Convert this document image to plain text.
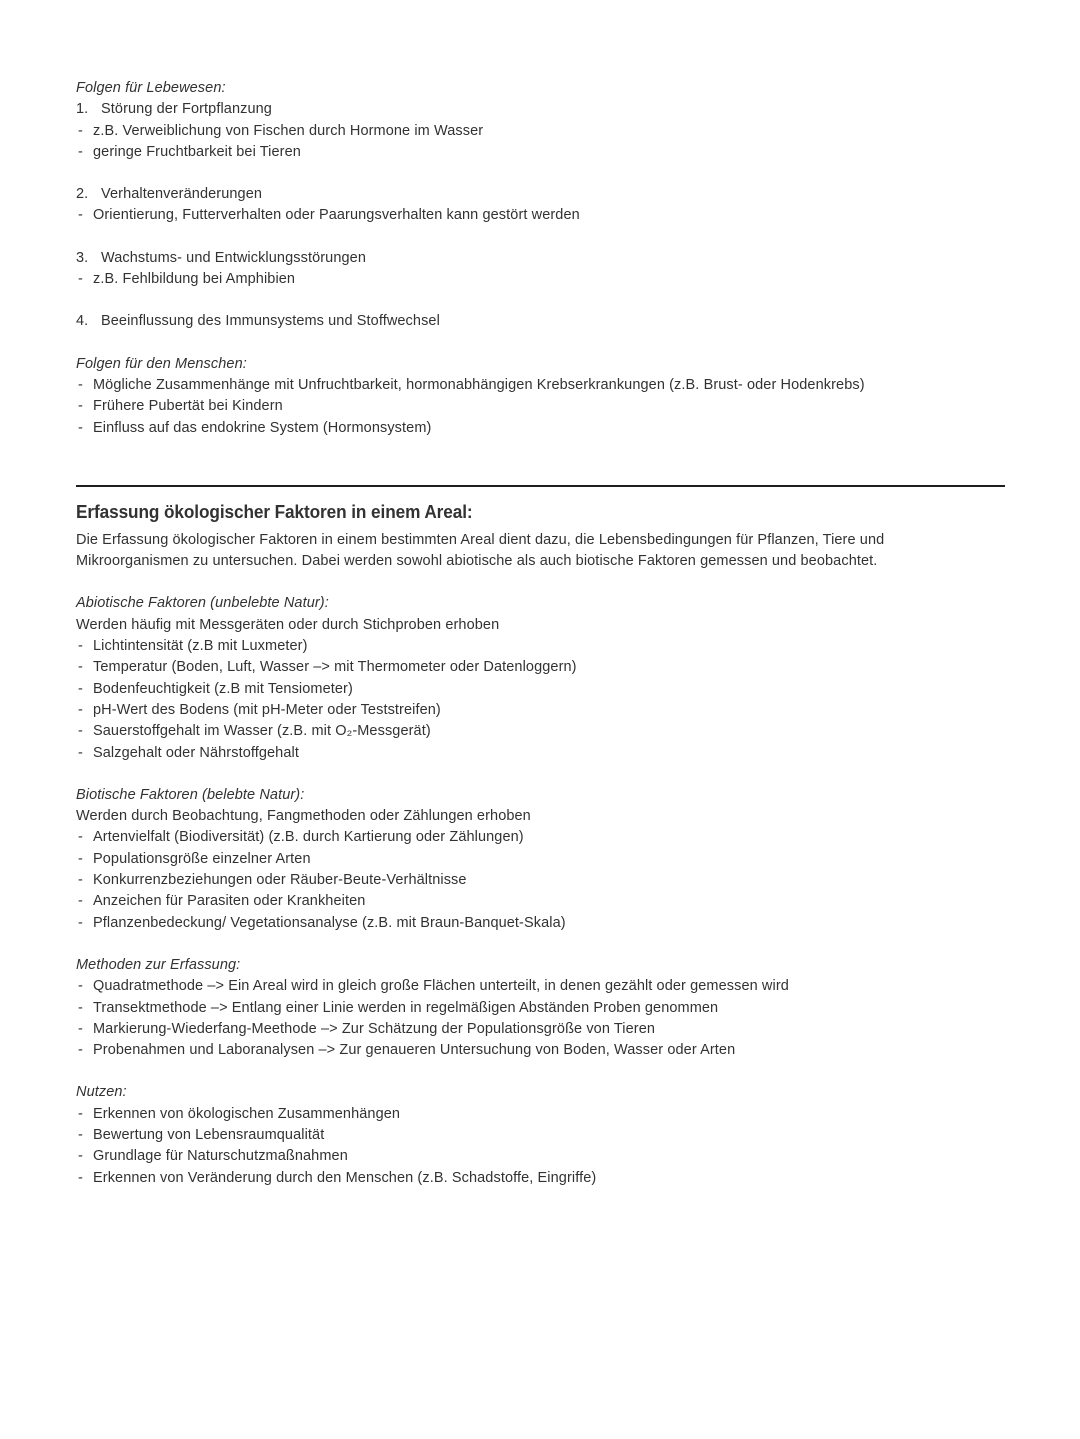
Folgen für Lebewesen:
1. Störung der Fortpflanzung
- z.B. Verweiblichung von Fischen durch Hormone im Wasser
- geringe Fruchtbarkeit bei Tieren
2. Verhaltenveränderungen
- Orientierung, Futterverhalten oder Paarungsverhalten kann gestört werden
3. Wachstums- und Entwicklungsstörungen
- z.B. Fehlbildung bei Amphibien
4. Beeinflussung des Immunsystems und Stoffwechsel
Folgen für den Menschen:
- Mögliche Zusammenhänge mit Unfruchtbarkeit, hormonabhängigen Krebserkrankungen (z.B. Brust- oder Hodenkrebs)
- Frühere Pubertät bei Kindern
- Einfluss auf das endokrine System (Hormonsystem)
Erfassung ökologischer Faktoren in einem Areal:
Die Erfassung ökologischer Faktoren in einem bestimmten Areal dient dazu, die Lebensbedingungen für Pflanzen, Tiere und Mikroorganismen zu untersuchen. Dabei werden sowohl abiotische als auch biotische Faktoren gemessen und beobachtet.
Abiotische Faktoren (unbelebte Natur):
Werden häufig mit Messgeräten oder durch Stichproben erhoben
- Lichtintensität (z.B mit Luxmeter)
- Temperatur (Boden, Luft, Wasser –> mit Thermometer oder Datenloggern)
- Bodenfeuchtigkeit (z.B mit Tensiometer)
- pH-Wert des Bodens (mit pH-Meter oder Teststreifen)
- Sauerstoffgehalt im Wasser (z.B. mit O₂-Messgerät)
- Salzgehalt oder Nährstoffgehalt
Biotische Faktoren (belebte Natur):
Werden durch Beobachtung, Fangmethoden oder Zählungen erhoben
- Artenvielfalt (Biodiversität) (z.B. durch Kartierung oder Zählungen)
- Populationsgröße einzelner Arten
- Konkurrenzbeziehungen oder Räuber-Beute-Verhältnisse
- Anzeichen für Parasiten oder Krankheiten
- Pflanzenbedeckung/ Vegetationsanalyse (z.B. mit Braun-Banquet-Skala)
Methoden zur Erfassung:
- Quadratmethode –> Ein Areal wird in gleich große Flächen unterteilt, in denen gezählt oder gemessen wird
- Transektmethode –> Entlang einer Linie werden in regelmäßigen Abständen Proben genommen
- Markierung-Wiederfang-Meethode –> Zur Schätzung der Populationsgröße von Tieren
- Probenahmen und Laboranalysen –> Zur genaueren Untersuchung von Boden, Wasser oder Arten
Nutzen:
- Erkennen von ökologischen Zusammenhängen
- Bewertung von Lebensraumqualität
- Grundlage für Naturschutzmaßnahmen
- Erkennen von Veränderung durch den Menschen (z.B. Schadstoffe, Eingriffe)
